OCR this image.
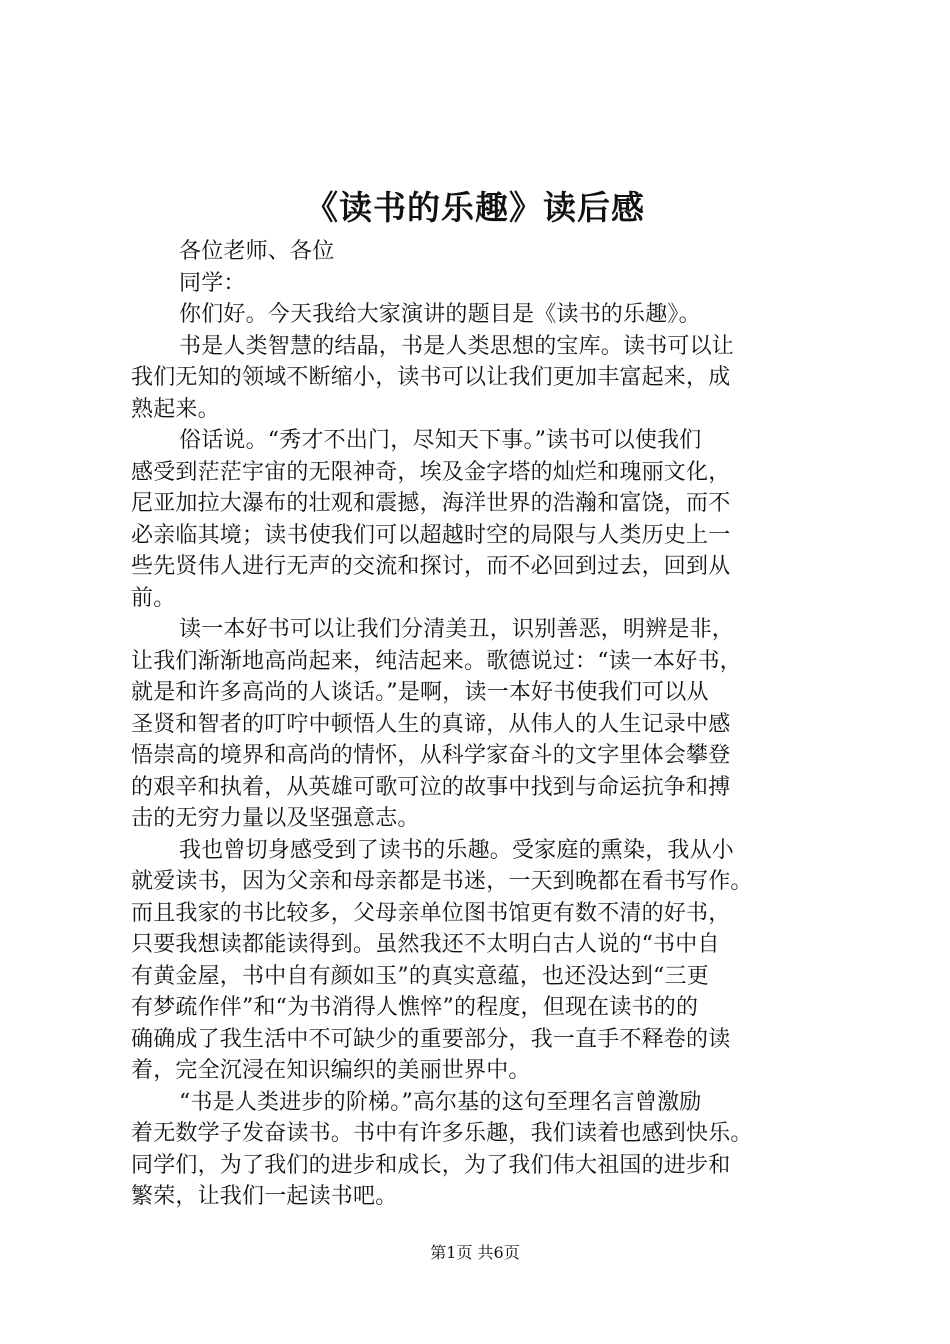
《读书的乐趣》读后感
各位老师、各位
同学：
你们好。今天我给大家演讲的题目是《读书的乐趣》。
书是人类智慧的结晶，书是人类思想的宝库。读书可以让
我们无知的领域不断缩小，读书可以让我们更加丰富起来，成
熟起来。
俗话说。“秀才不出门，尽知天下事。”读书可以使我们
感受到茫茫宇宙的无限神奇，埃及金字塔的灿烂和瑰丽文化，
尼亚加拉大瀑布的壮观和震撼，海洋世界的浩瀚和富饶，而不
必亲临其境；读书使我们可以超越时空的局限与人类历史上一
些先贤伟人进行无声的交流和探讨，而不必回到过去，回到从
前。
读一本好书可以让我们分清美丑，识别善恶，明辨是非，
让我们渐渐地高尚起来，纯洁起来。歌德说过：“读一本好书，
就是和许多高尚的人谈话。”是啊，读一本好书使我们可以从
圣贤和智者的叮咛中顿悟人生的真谛，从伟人的人生记录中感
悟崇高的境界和高尚的情怀，从科学家奋斗的文字里体会攀登
的艰辛和执着，从英雄可歌可泣的故事中找到与命运抗争和搏
击的无穷力量以及坚强意志。
我也曾切身感受到了读书的乐趣。受家庭的熏染，我从小
就爱读书，因为父亲和母亲都是书迷，一天到晚都在看书写作。
而且我家的书比较多，父母亲单位图书馆更有数不清的好书，
只要我想读都能读得到。虽然我还不太明白古人说的“书中自
有黄金屋，书中自有颜如玉”的真实意蕴，也还没达到“三更
有梦疏作伴”和“为书消得人憔悴”的程度，但现在读书的的
确确成了我生活中不可缺少的重要部分，我一直手不释卷的读
着，完全沉浸在知识编织的美丽世界中。
“书是人类进步的阶梯。”高尔基的这句至理名言曾激励
着无数学子发奋读书。书中有许多乐趣，我们读着也感到快乐。
同学们，为了我们的进步和成长，为了我们伟大祖国的进步和
繁荣，让我们一起读书吧。
第1页 共6页
